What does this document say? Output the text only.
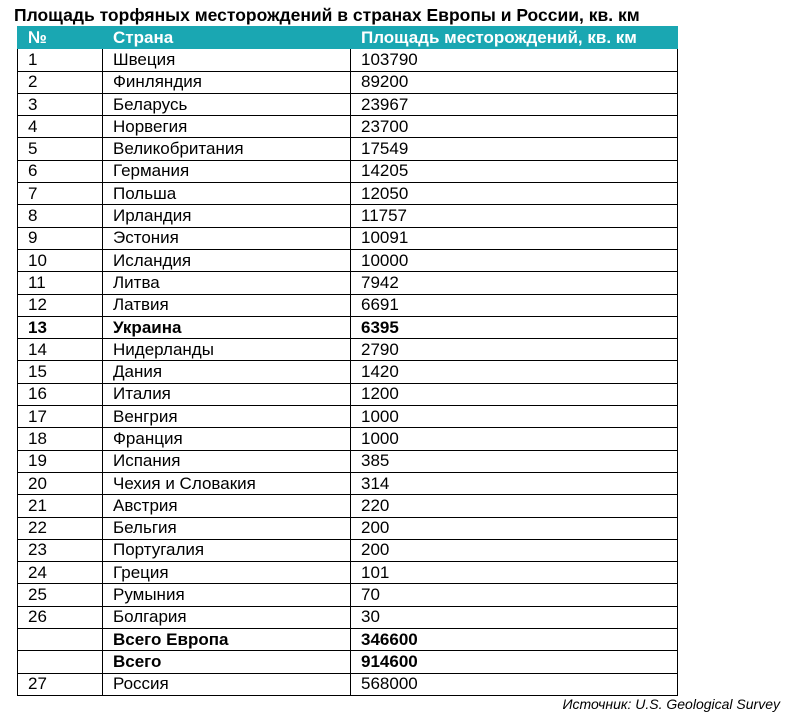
Площадь торфяных месторождений в странах Европы и России, кв. км
№	Страна	Площадь месторождений, кв. км
1	Швеция	103790
2	Финляндия	89200
3	Беларусь	23967
4	Норвегия	23700
5	Великобритания	17549
6	Германия	14205
7	Польша	12050
8	Ирландия	11757
9	Эстония	10091
10	Исландия	10000
11	Литва	7942
12	Латвия	6691
13	Украина	6395
14	Нидерланды	2790
15	Дания	1420
16	Италия	1200
17	Венгрия	1000
18	Франция	1000
19	Испания	385
20	Чехия и Словакия	314
21	Австрия	220
22	Бельгия	200
23	Португалия	200
24	Греция	101
25	Румыния	70
26	Болгария	30
	Всего Европа	346600
	Всего	914600
27	Россия	568000
Источник: U.S. Geological Survey
